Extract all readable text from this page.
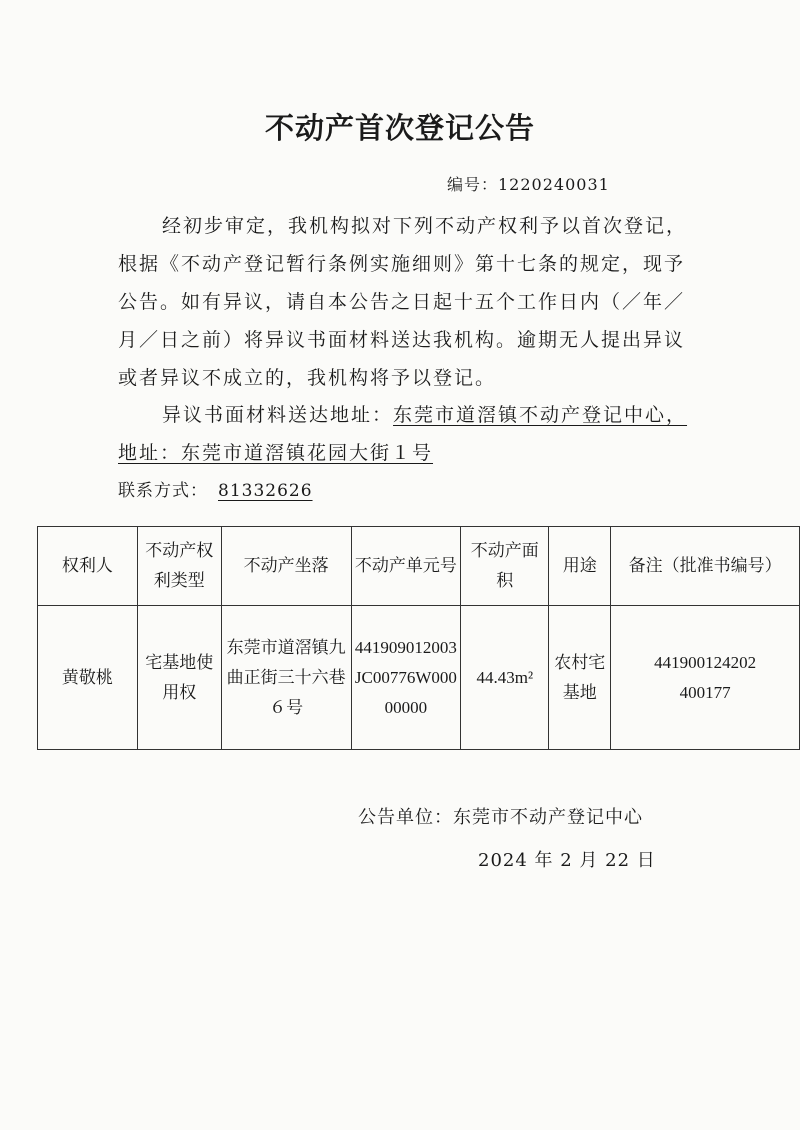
不动产首次登记公告
编号：1220240031

经初步审定，我机构拟对下列不动产权利予以首次登记，根据《不动产登记暂行条例实施细则》第十七条的规定，现予公告。如有异议，请自本公告之日起十五个工作日内（／年／月／日之前）将异议书面材料送达我机构。逾期无人提出异议或者异议不成立的，我机构将予以登记。

异议书面材料送达地址：东莞市道滘镇不动产登记中心，地址：东莞市道滘镇花园大街１号

联系方式： 81332626
权利人	不动产权利类型	不动产坐落	不动产单元号	不动产面积	用途	备注（批准书编号）
黄敬桃	宅基地使用权	东莞市道滘镇九曲正街三十六巷６号	441909012003JC00776W00000000	44.43m²	农村宅基地	441900124202400177
公告单位：东莞市不动产登记中心
2024 年 2 月 22 日
